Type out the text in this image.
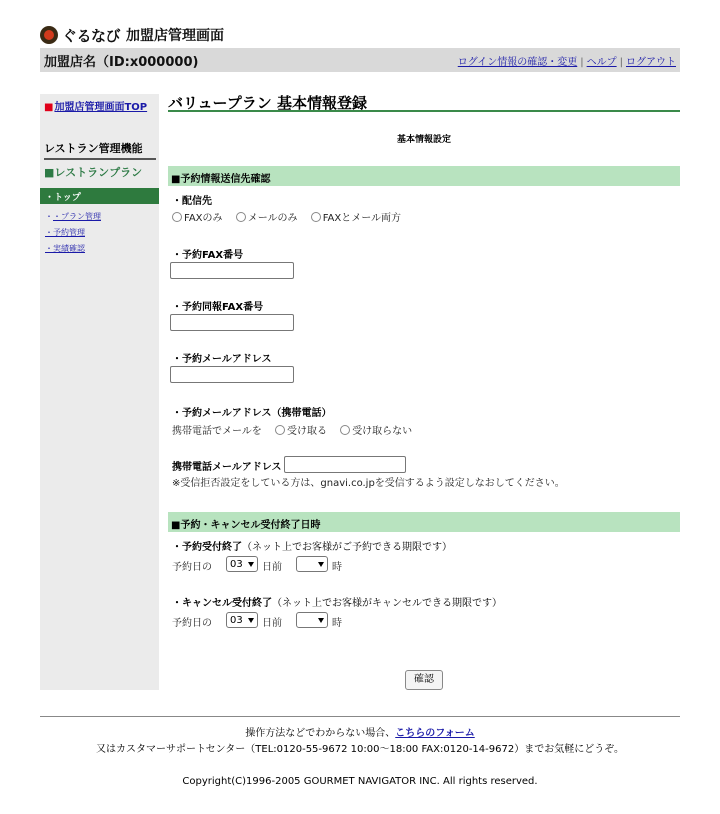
ぐるなび 加盟店管理画面
加盟店名（ID:x000000)	ログイン情報の確認・変更 | ヘルプ | ログアウト
■加盟店管理画面TOP
レストラン管理機能
■レストランプラン
・トップ
・・プラン管理
・予約管理
・実績確認
バリュープラン 基本情報登録
基本情報設定
■予約情報送信先確認
・配信先
FAXのみ	メールのみ	FAXとメール両方
・予約FAX番号
・予約同報FAX番号
・予約メールアドレス
・予約メールアドレス（携帯電話）
携帯電話でメールを	受け取る	受け取らない
携帯電話メールアドレス
※受信拒否設定をしている方は、gnavi.co.jpを受信するよう設定しなおしてください。
■予約・キャンセル受付終了日時
・予約受付終了（ネット上でお客様がご予約できる期限です）
予約日の 03 日前	時
・キャンセル受付終了（ネット上でお客様がキャンセルできる期限です）
予約日の 03 日前	時
確認
操作方法などでわからない場合、こちらのフォーム
又はカスタマーサポートセンター（TEL:0120-55-9672 10:00〜18:00 FAX:0120-14-9672）までお気軽にどうぞ。
Copyright(C)1996-2005 GOURMET NAVIGATOR INC. All rights reserved.
